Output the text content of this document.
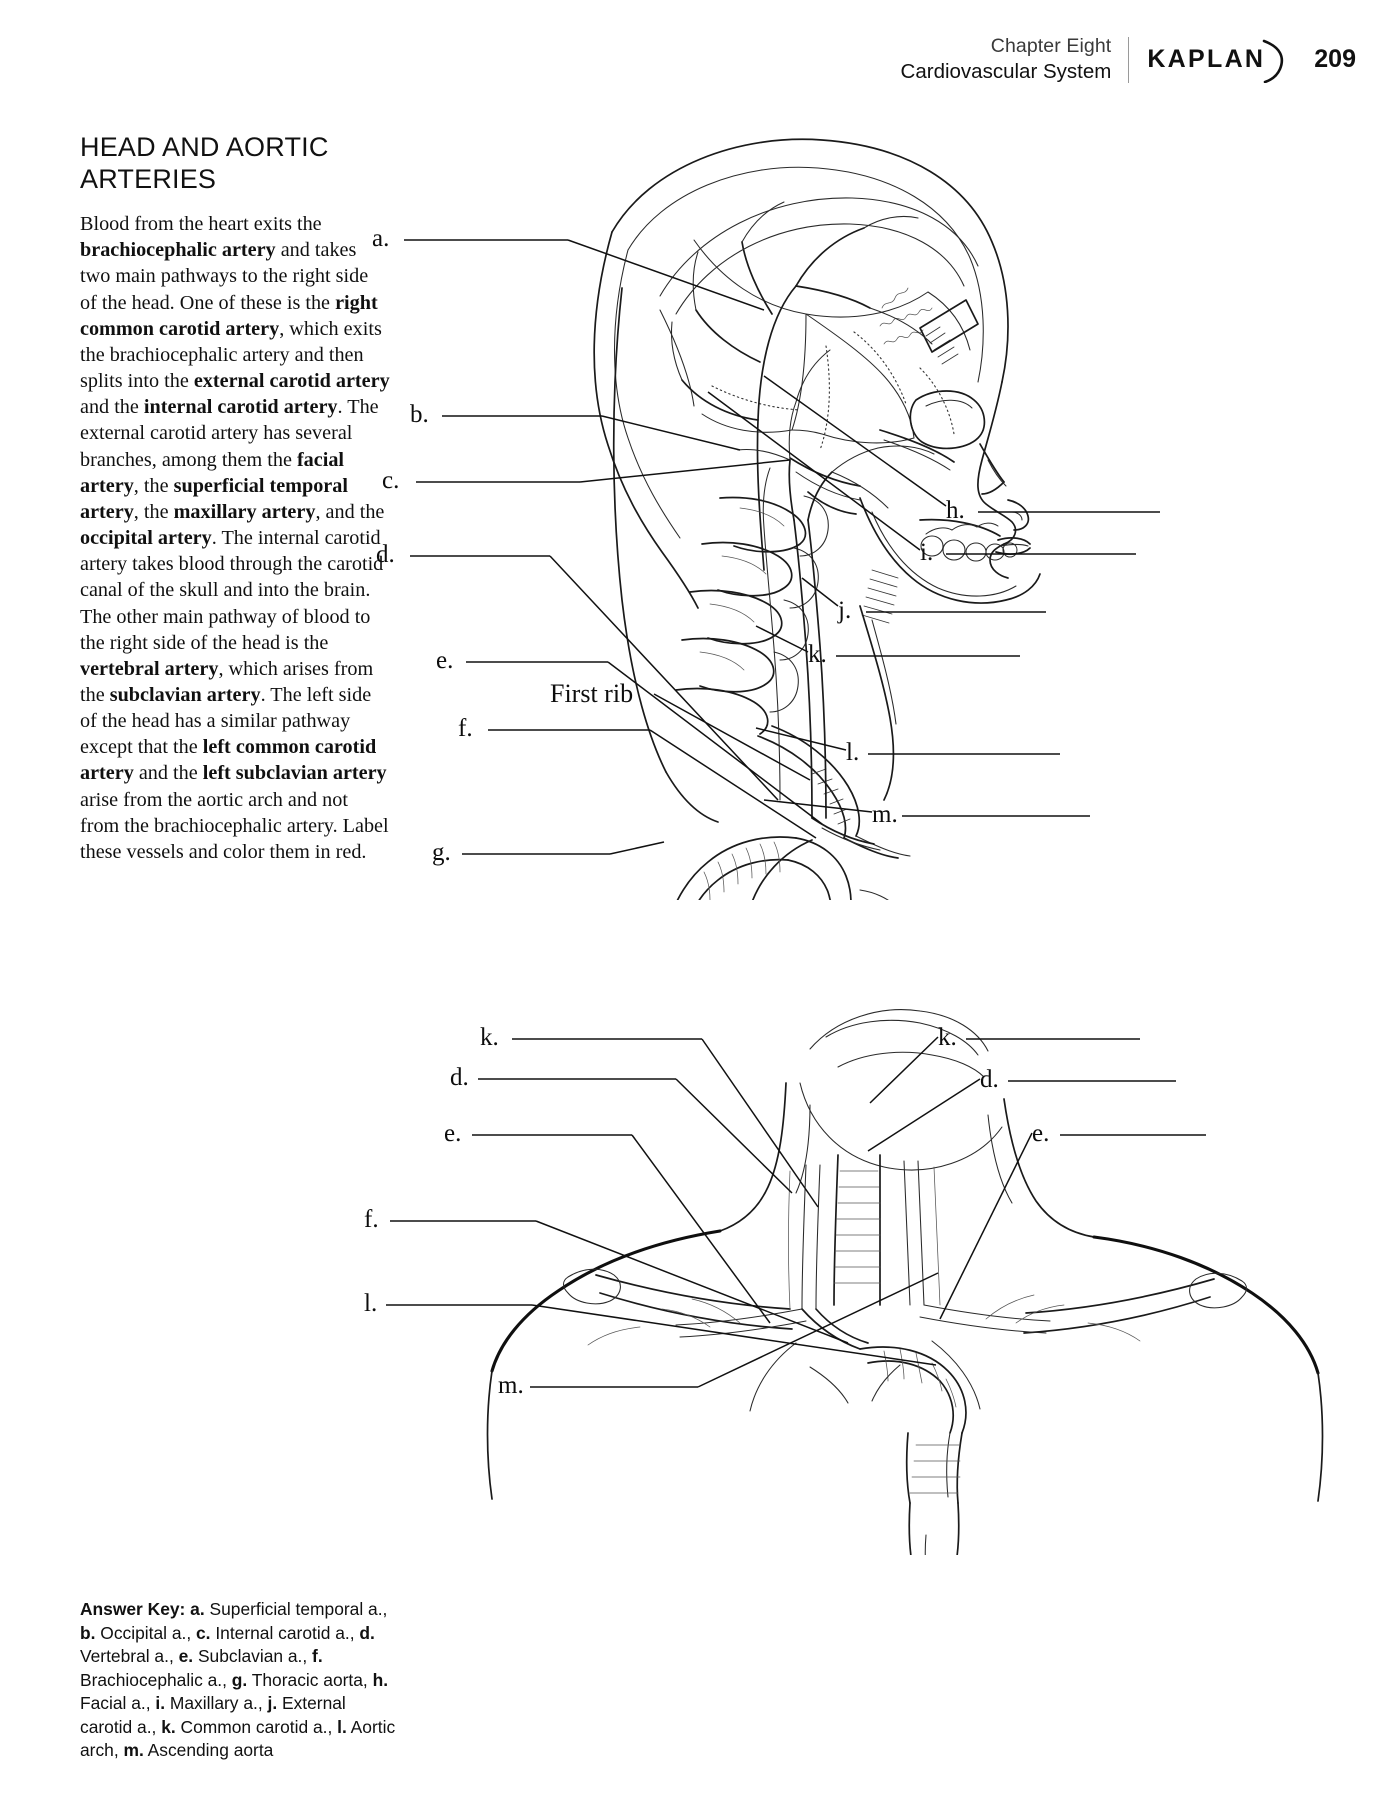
Chapter Eight
Cardiovascular System KAPLAN 209
HEAD AND AORTIC ARTERIES

Blood from the heart exits the brachiocephalic artery and takes two main pathways to the right side of the head. One of these is the right common carotid artery, which exits the brachiocephalic artery and then splits into the external carotid artery and the internal carotid artery. The external carotid artery has several branches, among them the facial artery, the superficial temporal artery, the maxillary artery, and the occipital artery. The internal carotid artery takes blood through the carotid canal of the skull and into the brain. The other main pathway of blood to the right side of the head is the vertebral artery, which arises from the subclavian artery. The left side of the head has a similar pathway except that the left common carotid artery and the left subclavian artery arise from the aortic arch and not from the brachiocephalic artery. Label these vessels and color them in red.

Answer Key: a. Superficial temporal a., b. Occipital a., c. Internal carotid a., d. Vertebral a., e. Subclavian a., f. Brachiocephalic a., g. Thoracic aorta, h. Facial a., i. Maxillary a., j. External carotid a., k. Common carotid a., l. Aortic arch, m. Ascending aorta
a.
b.
c.
d.
e.
First rib
f.
g.
h.
i.
j.
k.
l.
m.
k.
d.
e.
f.
l.
m.
k.
d.
e.
